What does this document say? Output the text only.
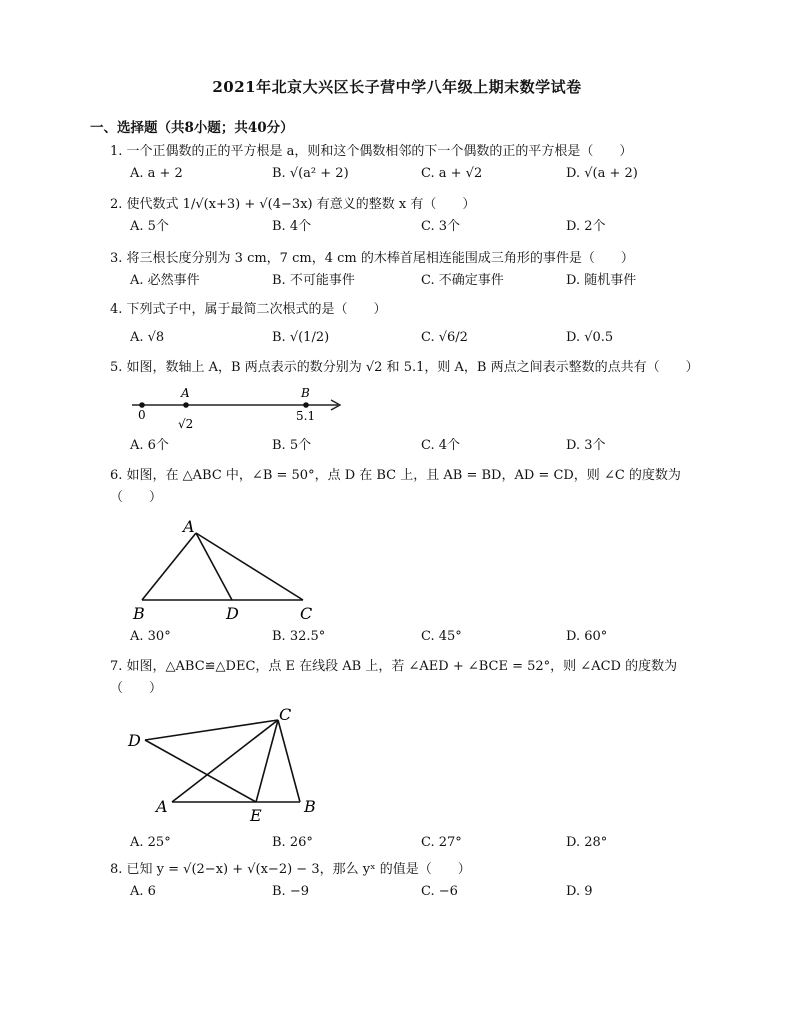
2021年北京大兴区长子营中学八年级上期末数学试卷
一、选择题（共8小题；共40分）
1. 一个正偶数的正的平方根是 a，则和这个偶数相邻的下一个偶数的正的平方根是（　　）
A. a + 2	B. √(a² + 2)	C. a + √2	D. √(a + 2)
2. 使代数式 1/√(x+3) + √(4−3x) 有意义的整数 x 有（　　）
A. 5个	B. 4个	C. 3个	D. 2个
3. 将三根长度分别为 3 cm，7 cm，4 cm 的木棒首尾相连能围成三角形的事件是（　　）
A. 必然事件	B. 不可能事件	C. 不确定事件	D. 随机事件
4. 下列式子中，属于最简二次根式的是（　　）
A. √8	B. √(1/2)	C. √6/2	D. √0.5
5. 如图，数轴上 A，B 两点表示的数分别为 √2 和 5.1，则 A，B 两点之间表示整数的点共有（　　）
0
A
√2
B
5.1
A. 6个	B. 5个	C. 4个	D. 3个
6. 如图，在 △ABC 中，∠B = 50°，点 D 在 BC 上，且 AB = BD，AD = CD，则 ∠C 的度数为（　　）
A
B	D	C
A. 30°	B. 32.5°	C. 45°	D. 60°
7. 如图，△ABC≌△DEC，点 E 在线段 AB 上，若 ∠AED + ∠BCE = 52°，则 ∠ACD 的度数为（　　）
D
C
A	E	B
A. 25°	B. 26°	C. 27°	D. 28°
8. 已知 y = √(2−x) + √(x−2) − 3，那么 yˣ 的值是（　　）
A. 6	B. −9	C. −6	D. 9
